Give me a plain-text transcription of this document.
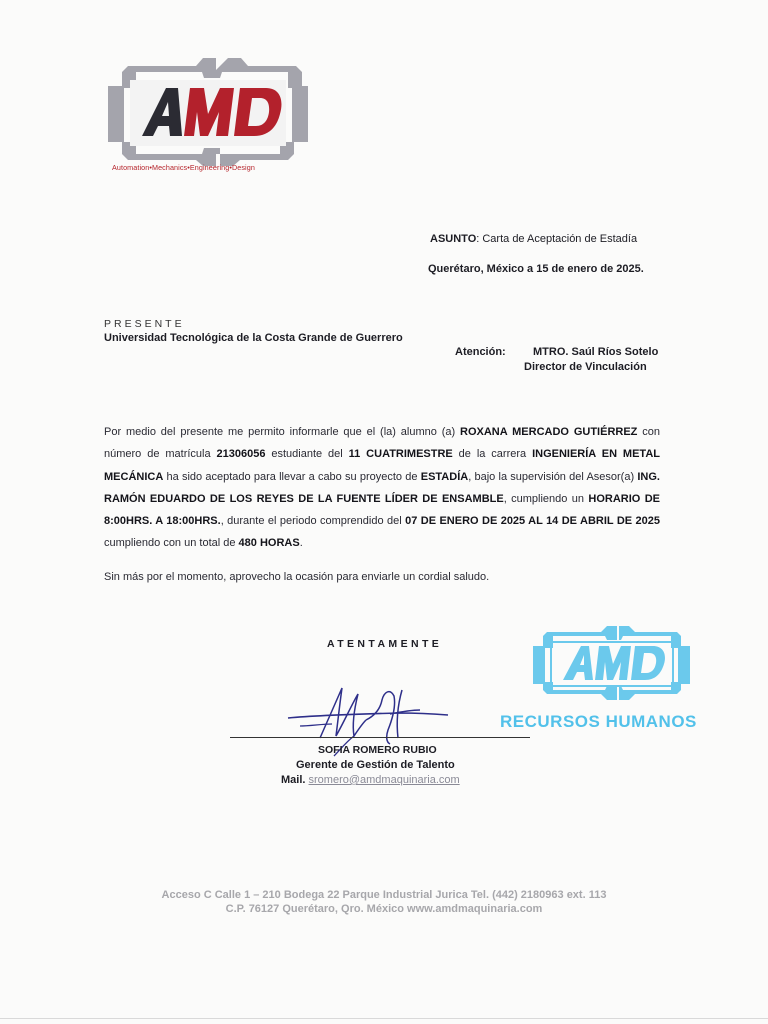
Automation•Mechanics•Engineering•Design
ASUNTO: Carta de Aceptación de Estadía
Querétaro, México a 15 de enero de 2025.
PRESENTE
Universidad Tecnológica de la Costa Grande de Guerrero
Atención: MTRO. Saúl Ríos Sotelo
Director de Vinculación
Por medio del presente me permito informarle que el (la) alumno (a) ROXANA MERCADO GUTIÉRREZ con número de matrícula 21306056 estudiante del 11 CUATRIMESTRE de la carrera INGENIERÍA EN METAL MECÁNICA ha sido aceptado para llevar a cabo su proyecto de ESTADÍA, bajo la supervisión del Asesor(a) ING. RAMÓN EDUARDO DE LOS REYES DE LA FUENTE LÍDER DE ENSAMBLE, cumpliendo un HORARIO DE 8:00HRS. A 18:00HRS., durante el periodo comprendido del 07 DE ENERO DE 2025 AL 14 DE ABRIL DE 2025 cumpliendo con un total de 480 HORAS.
Sin más por el momento, aprovecho la ocasión para enviarle un cordial saludo.
ATENTAMENTE
SOFIA ROMERO RUBIO
Gerente de Gestión de Talento
Mail. sromero@amdmaquinaria.com
RECURSOS HUMANOS
Acceso C Calle 1 – 210 Bodega 22 Parque Industrial Jurica Tel. (442) 2180963 ext. 113
C.P. 76127 Querétaro, Qro. México www.amdmaquinaria.com
